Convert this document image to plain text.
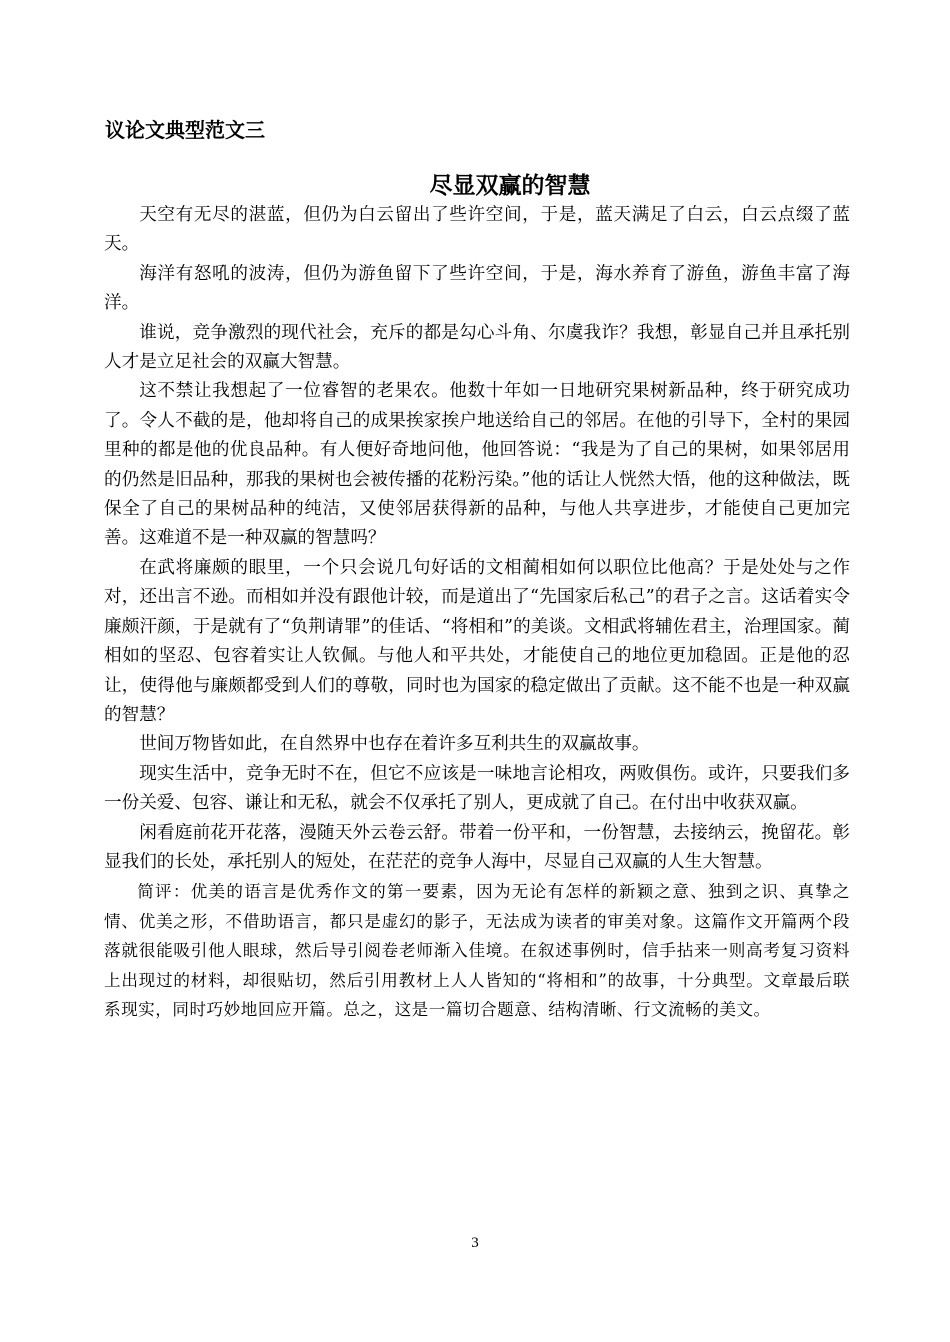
议论文典型范文三
尽显双赢的智慧

天空有无尽的湛蓝，但仍为白云留出了些许空间，于是，蓝天满足了白云，白云点缀了蓝天。

海洋有怒吼的波涛，但仍为游鱼留下了些许空间，于是，海水养育了游鱼，游鱼丰富了海洋。

谁说，竞争激烈的现代社会，充斥的都是勾心斗角、尔虞我诈？我想，彰显自己并且承托别人才是立足社会的双赢大智慧。

这不禁让我想起了一位睿智的老果农。他数十年如一日地研究果树新品种，终于研究成功了。令人不截的是，他却将自己的成果挨家挨户地送给自己的邻居。在他的引导下，全村的果园里种的都是他的优良品种。有人便好奇地问他，他回答说：“我是为了自己的果树，如果邻居用的仍然是旧品种，那我的果树也会被传播的花粉污染。”他的话让人恍然大悟，他的这种做法，既保全了自己的果树品种的纯洁，又使邻居获得新的品种，与他人共享进步，才能使自己更加完善。这难道不是一种双赢的智慧吗？

在武将廉颇的眼里，一个只会说几句好话的文相蔺相如何以职位比他高？于是处处与之作对，还出言不逊。而相如并没有跟他计较，而是道出了“先国家后私己”的君子之言。这话着实令廉颇汗颜，于是就有了“负荆请罪”的佳话、“将相和”的美谈。文相武将辅佐君主，治理国家。蔺相如的坚忍、包容着实让人钦佩。与他人和平共处，才能使自己的地位更加稳固。正是他的忍让，使得他与廉颇都受到人们的尊敬，同时也为国家的稳定做出了贡献。这不能不也是一种双赢的智慧？

世间万物皆如此，在自然界中也存在着许多互利共生的双赢故事。

现实生活中，竞争无时不在，但它不应该是一味地言论相攻，两败俱伤。或许，只要我们多一份关爱、包容、谦让和无私，就会不仅承托了别人，更成就了自己。在付出中收获双赢。

闲看庭前花开花落，漫随天外云卷云舒。带着一份平和，一份智慧，去接纳云，挽留花。彰显我们的长处，承托别人的短处，在茫茫的竞争人海中，尽显自己双赢的人生大智慧。

简评：优美的语言是优秀作文的第一要素，因为无论有怎样的新颖之意、独到之识、真挚之情、优美之形，不借助语言，都只是虚幻的影子，无法成为读者的审美对象。这篇作文开篇两个段落就很能吸引他人眼球，然后导引阅卷老师渐入佳境。在叙述事例时，信手拈来一则高考复习资料上出现过的材料，却很贴切，然后引用教材上人人皆知的“将相和”的故事，十分典型。文章最后联系现实，同时巧妙地回应开篇。总之，这是一篇切合题意、结构清晰、行文流畅的美文。

3
